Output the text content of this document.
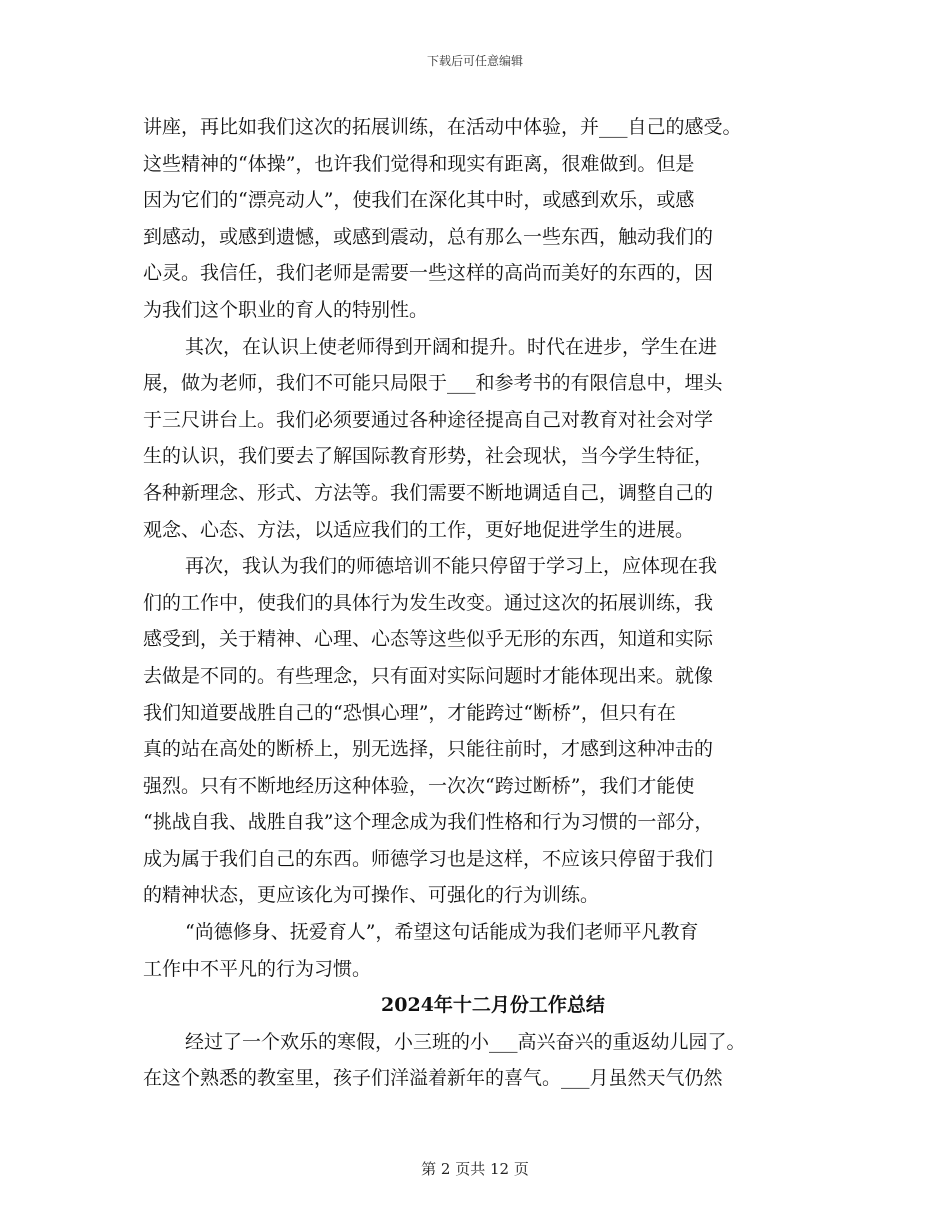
下载后可任意编辑
讲座，再比如我们这次的拓展训练，在活动中体验，并___自己的感受。
这些精神的“体操”，也许我们觉得和现实有距离，很难做到。但是
因为它们的“漂亮动人”，使我们在深化其中时，或感到欢乐，或感
到感动，或感到遗憾，或感到震动，总有那么一些东西，触动我们的
心灵。我信任，我们老师是需要一些这样的高尚而美好的东西的，因
为我们这个职业的育人的特别性。
其次，在认识上使老师得到开阔和提升。时代在进步，学生在进
展，做为老师，我们不可能只局限于___和参考书的有限信息中，埋头
于三尺讲台上。我们必须要通过各种途径提高自己对教育对社会对学
生的认识，我们要去了解国际教育形势，社会现状，当今学生特征，
各种新理念、形式、方法等。我们需要不断地调适自己，调整自己的
观念、心态、方法，以适应我们的工作，更好地促进学生的进展。
再次，我认为我们的师德培训不能只停留于学习上，应体现在我
们的工作中，使我们的具体行为发生改变。通过这次的拓展训练，我
感受到，关于精神、心理、心态等这些似乎无形的东西，知道和实际
去做是不同的。有些理念，只有面对实际问题时才能体现出来。就像
我们知道要战胜自己的“恐惧心理”，才能跨过“断桥”，但只有在
真的站在高处的断桥上，别无选择，只能往前时，才感到这种冲击的
强烈。只有不断地经历这种体验，一次次“跨过断桥”，我们才能使
“挑战自我、战胜自我”这个理念成为我们性格和行为习惯的一部分，
成为属于我们自己的东西。师德学习也是这样，不应该只停留于我们
的精神状态，更应该化为可操作、可强化的行为训练。
“尚德修身、抚爱育人”，希望这句话能成为我们老师平凡教育
工作中不平凡的行为习惯。
2024年十二月份工作总结
经过了一个欢乐的寒假，小三班的小___高兴奋兴的重返幼儿园了。
在这个熟悉的教室里，孩子们洋溢着新年的喜气。___月虽然天气仍然
第 2 页共 12 页
